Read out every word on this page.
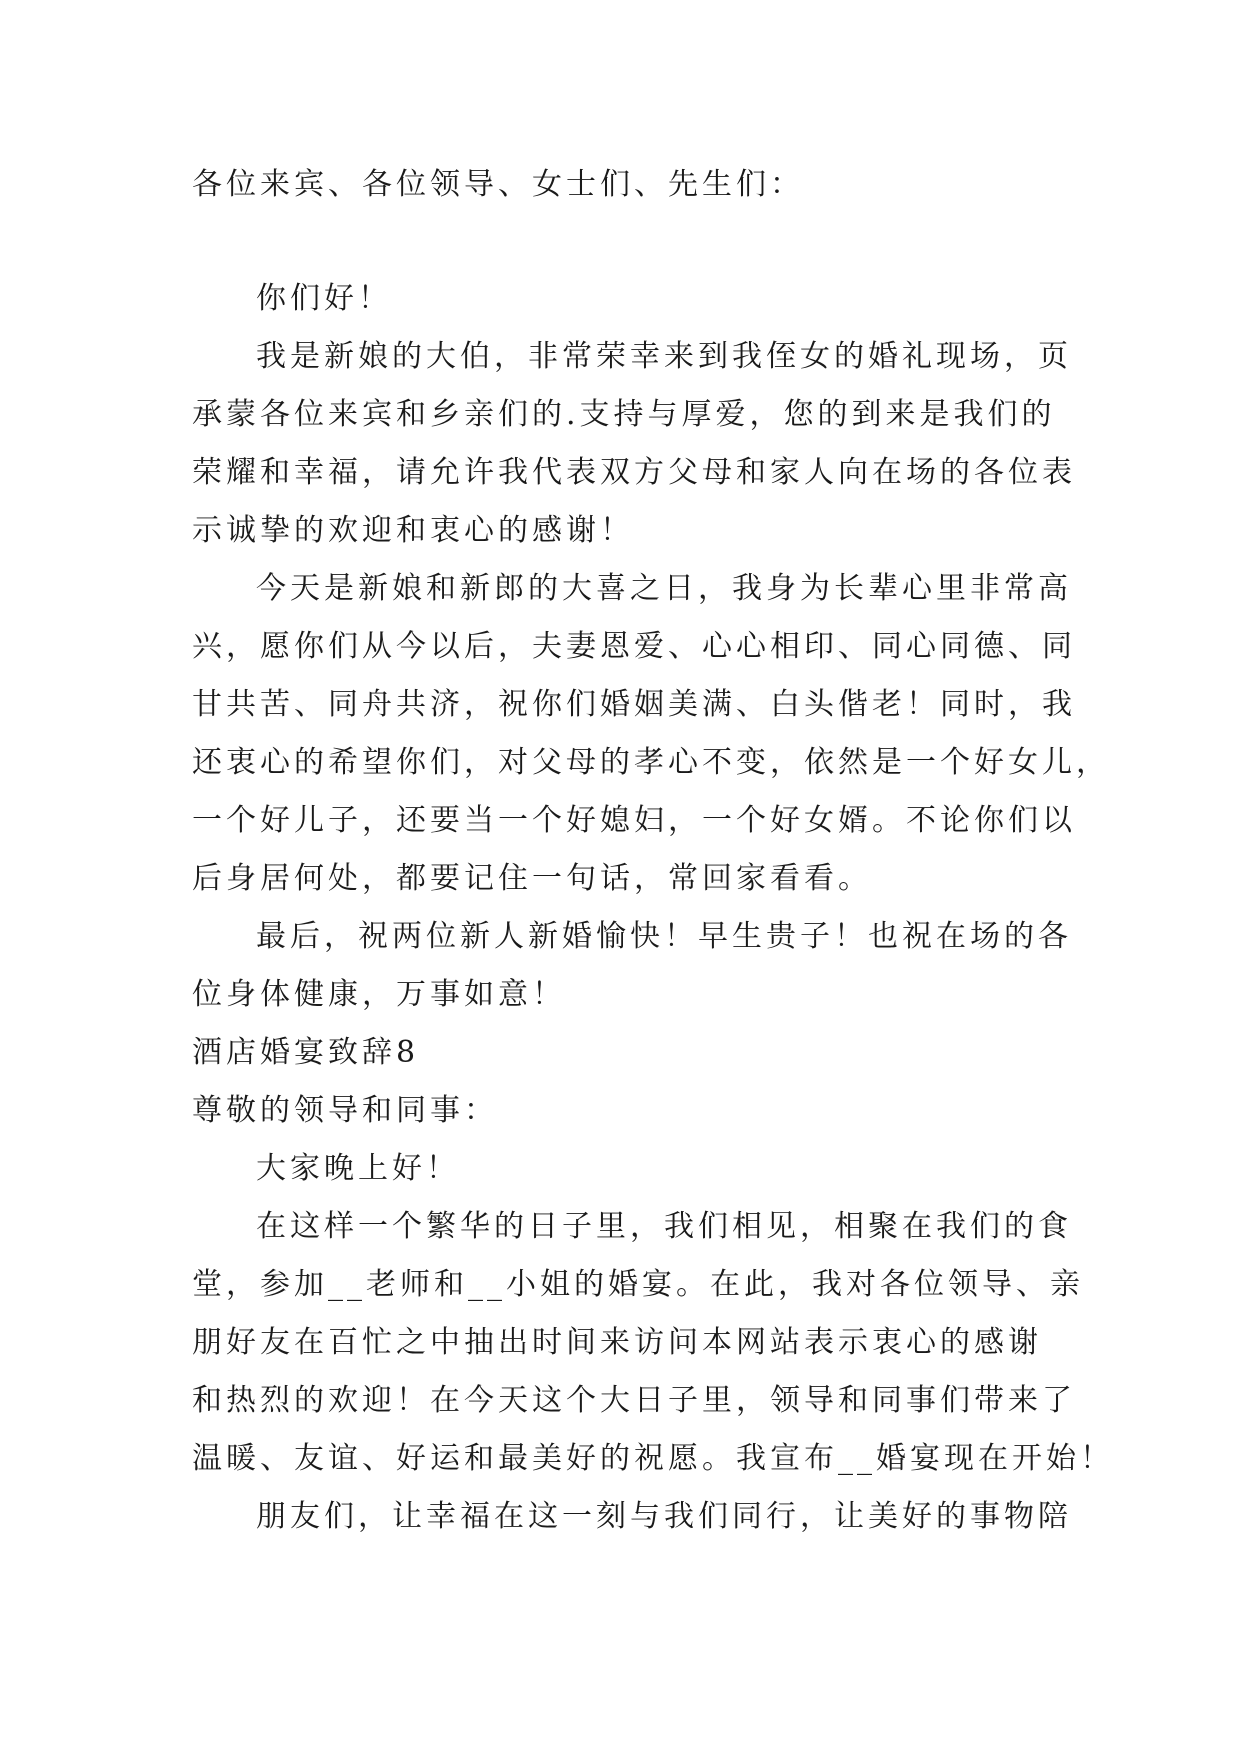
各位来宾、各位领导、女士们、先生们：

你们好！

我是新娘的大伯，非常荣幸来到我侄女的婚礼现场，页

承蒙各位来宾和乡亲们的.支持与厚爱，您的到来是我们的

荣耀和幸福，请允许我代表双方父母和家人向在场的各位表

示诚挚的欢迎和衷心的感谢！

今天是新娘和新郎的大喜之日，我身为长辈心里非常高

兴，愿你们从今以后，夫妻恩爱、心心相印、同心同德、同

甘共苦、同舟共济，祝你们婚姻美满、白头偕老！同时，我

还衷心的希望你们，对父母的孝心不变，依然是一个好女儿，

一个好儿子，还要当一个好媳妇，一个好女婿。不论你们以

后身居何处，都要记住一句话，常回家看看。

最后，祝两位新人新婚愉快！早生贵子！也祝在场的各

位身体健康，万事如意！

酒店婚宴致辞8

尊敬的领导和同事：

大家晚上好！

在这样一个繁华的日子里，我们相见，相聚在我们的食

堂，参加__老师和__小姐的婚宴。在此，我对各位领导、亲

朋好友在百忙之中抽出时间来访问本网站表示衷心的感谢

和热烈的欢迎！在今天这个大日子里，领导和同事们带来了

温暖、友谊、好运和最美好的祝愿。我宣布__婚宴现在开始！

朋友们，让幸福在这一刻与我们同行，让美好的事物陪
